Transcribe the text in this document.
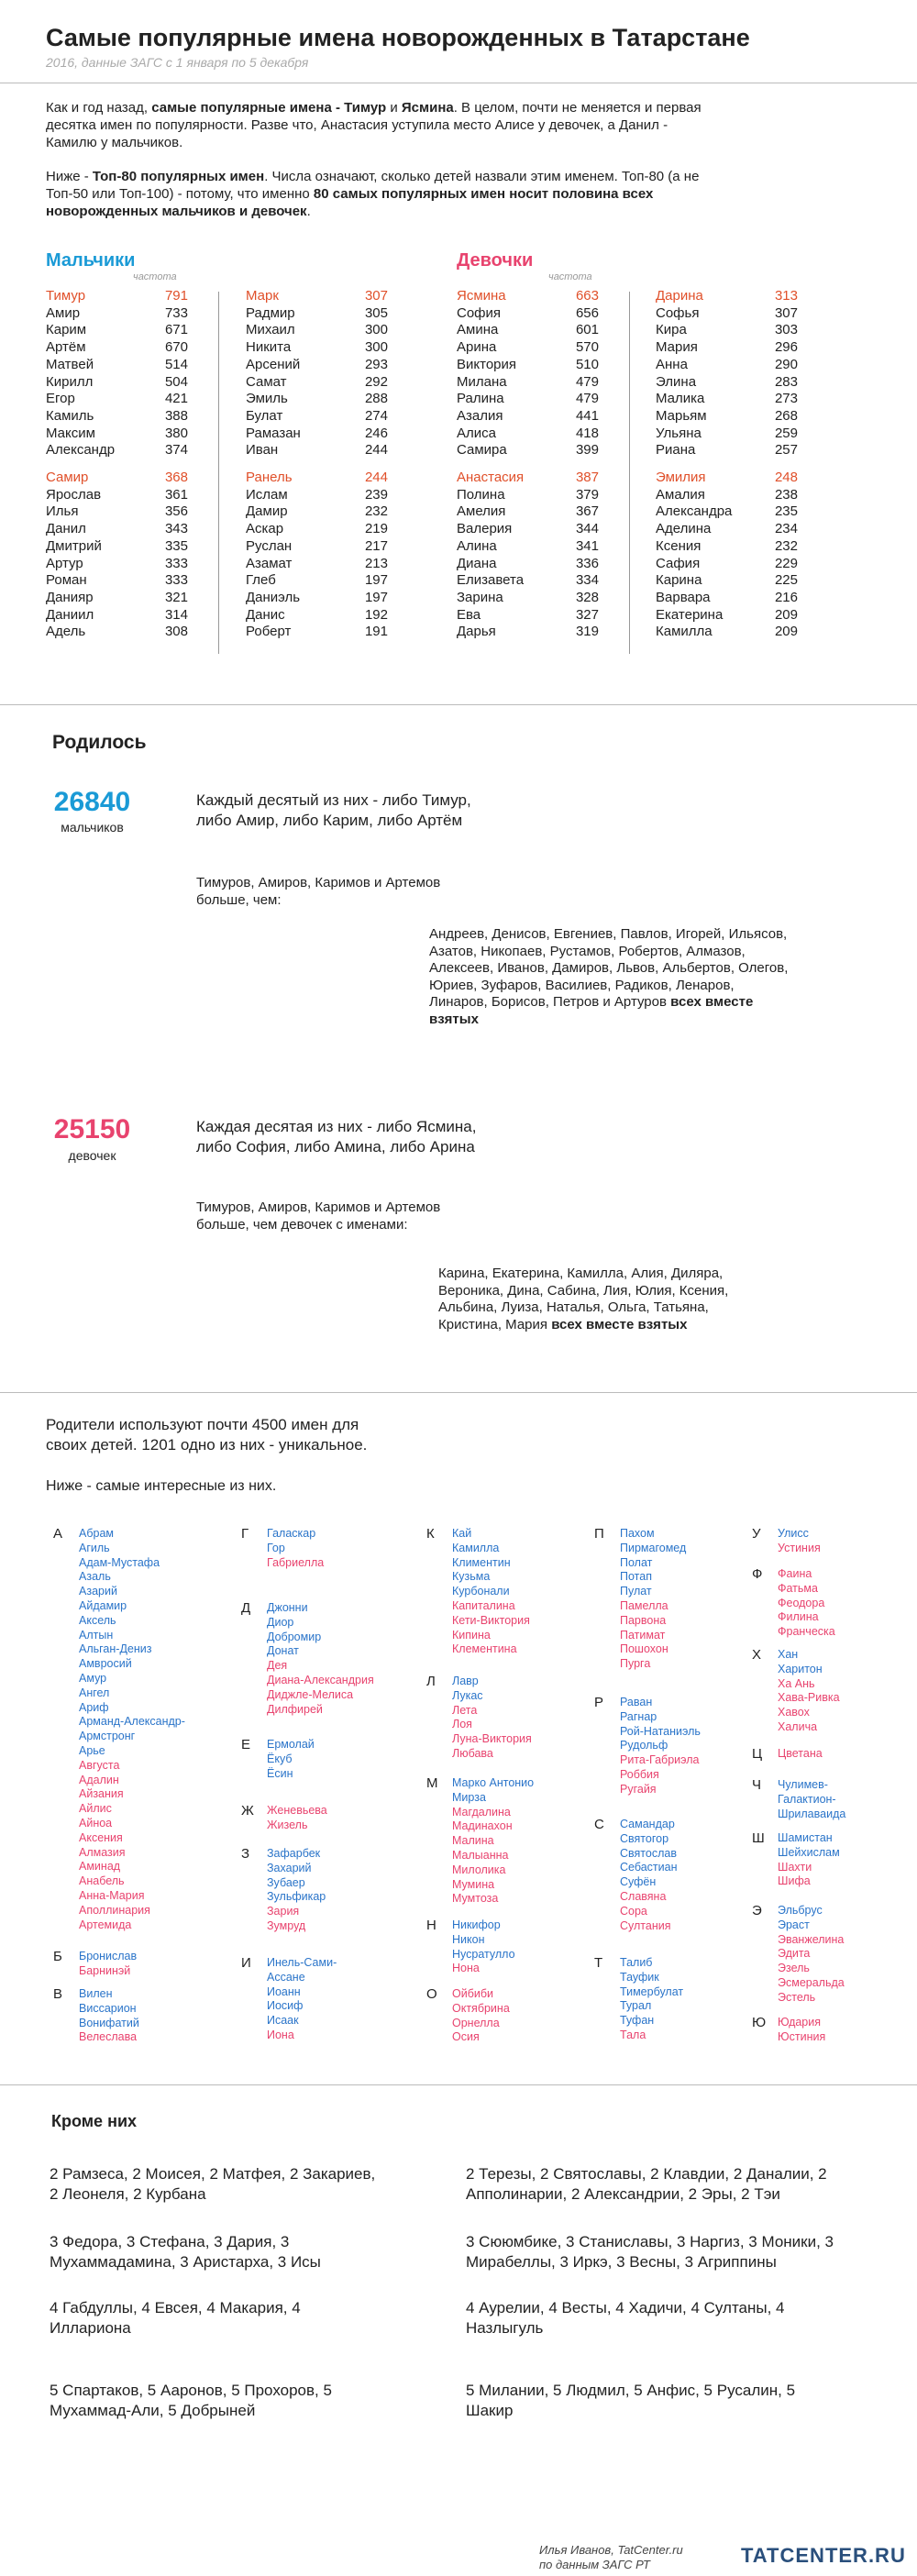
Самые популярные имена новорожденных в Татарстане
2016, данные ЗАГС с 1 января по 5 декабря
Как и год назад, самые популярные имена - Тимур и Ясмина. В целом, почти не меняется и первая десятка имен по популярности. Разве что, Анастасия уступила место Алисе у девочек, а Данил - Камилю у мальчиков.
Ниже - Топ-80 популярных имен. Числа означают, сколько детей назвали этим именем. Топ-80 (а не Топ-50 или Топ-100) - потому, что именно 80 самых популярных имен носит половина всех новорожденных мальчиков и девочек.
Мальчики
частота
Девочки
частота
Тимур	791
Амир	733
Карим	671
Артём	670
Матвей	514
Кирилл	504
Егор	421
Камиль	388
Максим	380
Александр	374

Самир	368
Ярослав	361
Илья	356
Данил	343
Дмитрий	335
Артур	333
Роман	333
Данияр	321
Даниил	314
Адель	308
Марк	307
Радмир	305
Михаил	300
Никита	300
Арсений	293
Самат	292
Эмиль	288
Булат	274
Рамазан	246
Иван	244

Ранель	244
Ислам	239
Дамир	232
Аскар	219
Руслан	217
Азамат	213
Глеб	197
Даниэль	197
Данис	192
Роберт	191
Ясмина	663
София	656
Амина	601
Арина	570
Виктория	510
Милана	479
Ралина	479
Азалия	441
Алиса	418
Самира	399

Анастасия	387
Полина	379
Амелия	367
Валерия	344
Алина	341
Диана	336
Елизавета	334
Зарина	328
Ева	327
Дарья	319
Дарина	313
Софья	307
Кира	303
Мария	296
Анна	290
Элина	283
Малика	273
Марьям	268
Ульяна	259
Риана	257

Эмилия	248
Амалия	238
Александра	235
Аделина	234
Ксения	232
Сафия	229
Карина	225
Варвара	216
Екатерина	209
Камилла	209
Родилось
26840
мальчиков
Каждый десятый из них - либо Тимур, либо Амир, либо Карим, либо Артём
Тимуров, Амиров, Каримов и Артемов больше, чем:
Андреев, Денисов, Евгениев, Павлов, Игорей, Ильясов, Азатов, Никопаев, Рустамов, Робертов, Алмазов, Алексеев, Иванов, Дамиров, Львов, Альбертов, Олегов, Юриев, Зуфаров, Василиев, Радиков, Ленаров, Линаров, Борисов, Петров и Артуров всех вместе взятых
25150
девочек
Каждая десятая из них - либо Ясмина, либо София, либо Амина, либо Арина
Тимуров, Амиров, Каримов и Артемов больше, чем девочек с именами:
Карина, Екатерина, Камилла, Алия, Диляра, Вероника, Дина, Сабина, Лия, Юлия, Ксения, Альбина, Луиза, Наталья, Ольга, Татьяна, Кристина, Мария всех вместе взятых
Родители используют почти 4500 имен для своих детей. 1201 одно из них - уникальное.
Ниже - самые интересные из них.
А Абрам
Агиль
Адам-Мустафа
Азаль
Азарий
Айдамир
Аксель
Алтын
Альган-Дениз
Амвросий
Амур
Ангел
Ариф
Арманд-Александр-
Армстронг
Арье
Августа
Адалин
Айзания
Айлис
Айноа
Аксения
Алмазия
Аминад
Анабель
Анна-Мария
Аполлинария
Артемида
Б Бронислав
Барнинэй
В Вилен
Виссарион
Вонифатий
Велеслава
Г Галаскар
Гор
Габриелла
Д Джонни
Диор
Добромир
Донат
Дея
Диана-Александрия
Диджле-Мелиса
Дилфирей
Е Ермолай
Ёкуб
Ёсин
Ж Женевьева
Жизель
З Зафарбек
Захарий
Зубаер
Зульфикар
Зария
Зумруд
И Инель-Сами-
Ассане
Иоанн
Иосиф
Исаак
Иона
К Кай
Камилла
Климентин
Кузьма
Курбонали
Капиталина
Кети-Виктория
Кипина
Клементина
Л Лавр
Лукас
Лета
Лоя
Луна-Виктория
Любава
М Марко Антонио
Мирза
Магдалина
Мадинахон
Малина
Малыанна
Милолика
Мумина
Мумтоза
Н Никифор
Никон
Нусратулло
Нона
О Ойбиби
Октябрина
Орнелла
Осия
П Пахом
Пирмагомед
Полат
Потап
Пулат
Памелла
Парвона
Патимат
Пошохон
Пурга
Р Раван
Рагнар
Рой-Натаниэль
Рудольф
Рита-Габриэла
Роббия
Ругайя
С Самандар
Святогор
Святослав
Себастиан
Суфён
Славяна
Сора
Султания
Т Талиб
Тауфик
Тимербулат
Турал
Туфан
Тала
У Улисс
Устиния
Ф Фаина
Фатьма
Феодора
Филина
Франческа
Х Хан
Харитон
Ха Ань
Хава-Ривка
Хавох
Халича
Ц Цветана
Ч Чулимев-
Галактион-
Шрилаваида
Ш Шамистан
Шейхислам
Шахти
Шифа
Э Эльбрус
Эраст
Эванжелина
Эдита
Эзель
Эсмеральда
Эстель
Ю Юдария
Юстиния
Кроме них
2 Рамзеса, 2 Моисея, 2 Матфея, 2 Закариев, 2 Леонеля, 2 Курбана
3 Федора, 3 Стефана, 3 Дария, 3 Мухаммадамина, 3 Аристарха, 3 Исы
4 Габдуллы, 4 Евсея, 4 Макария, 4 Иллариона
5 Спартаков, 5 Ааронов, 5 Прохоров, 5 Мухаммад-Али, 5 Добрыней
2 Терезы, 2 Святославы, 2 Клавдии, 2 Даналии, 2 Апполинарии, 2 Александрии, 2 Эры, 2 Тэи
3 Сююмбике, 3 Станиславы, 3 Наргиз, 3 Моники, 3 Мирабеллы, 3 Иркэ, 3 Весны, 3 Агриппины
4 Аурелии, 4 Весты, 4 Хадичи, 4 Султаны, 4 Назлыгуль
5 Милании, 5 Людмил, 5 Анфис, 5 Русалин, 5 Шакир
Илья Иванов, TatCenter.ru
по данным ЗАГС РТ	TATCENTER.RU
